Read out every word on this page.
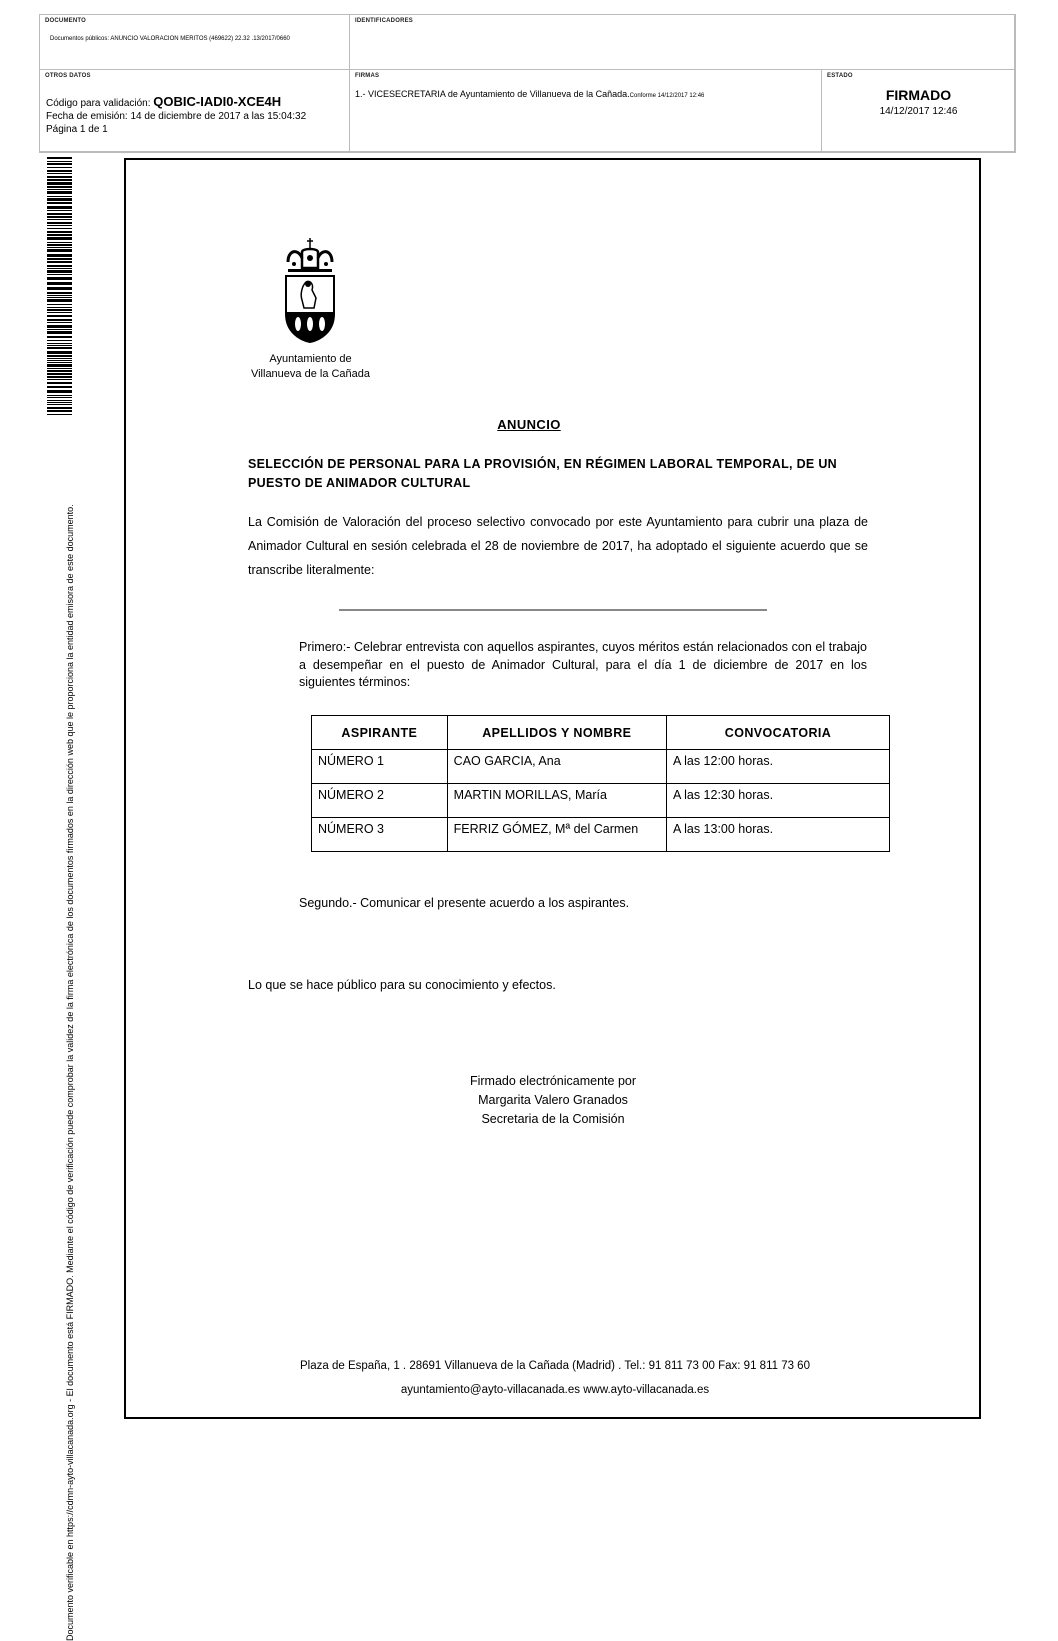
DOCUMENTO
Documentos públicos: ANUNCIO VALORACION MERITOS (469622) 22.32 .13/2017/0660
IDENTIFICADORES
OTROS DATOS
Código para validación: QOBIC-IADI0-XCE4H
Fecha de emisión: 14 de diciembre de 2017 a las 15:04:32
Página 1 de 1
FIRMAS
1.- VICESECRETARIA de Ayuntamiento de Villanueva de la Cañada.Conforme 14/12/2017 12:46
ESTADO
FIRMADO
14/12/2017 12:46
Documento verificable en https://cdmn-ayto-villacanada.org - El documento está FIRMADO. Mediante el código de verificación puede comprobar la validez de la firma electrónica de los documentos firmados en la dirección web que le proporciona la entidad emisora de este documento.
Ayuntamiento de
Villanueva de la Cañada
ANUNCIO
SELECCIÓN DE PERSONAL PARA LA PROVISIÓN, EN RÉGIMEN LABORAL TEMPORAL, DE UN PUESTO DE ANIMADOR CULTURAL
La Comisión de Valoración del proceso selectivo convocado por este Ayuntamiento para cubrir una plaza de Animador Cultural en sesión celebrada el 28 de noviembre de 2017, ha adoptado el siguiente acuerdo que se transcribe literalmente:
Primero:- Celebrar entrevista con aquellos aspirantes, cuyos méritos están relacionados con el trabajo a desempeñar en el puesto de Animador Cultural, para el día 1 de diciembre de 2017 en los siguientes términos:
ASPIRANTE	APELLIDOS Y NOMBRE	CONVOCATORIA
NÚMERO 1	CAO GARCIA, Ana	A las 12:00 horas.
NÚMERO 2	MARTIN MORILLAS, María	A las 12:30 horas.
NÚMERO 3	FERRIZ GÓMEZ, Mª del Carmen	A las 13:00 horas.
Segundo.- Comunicar el presente acuerdo a los aspirantes.
Lo que se hace público para su conocimiento y efectos.
Firmado electrónicamente por
Margarita Valero Granados
Secretaria de la Comisión
Plaza de España, 1 . 28691 Villanueva de la Cañada (Madrid) . Tel.: 91 811 73 00 Fax: 91 811 73 60
ayuntamiento@ayto-villacanada.es www.ayto-villacanada.es
